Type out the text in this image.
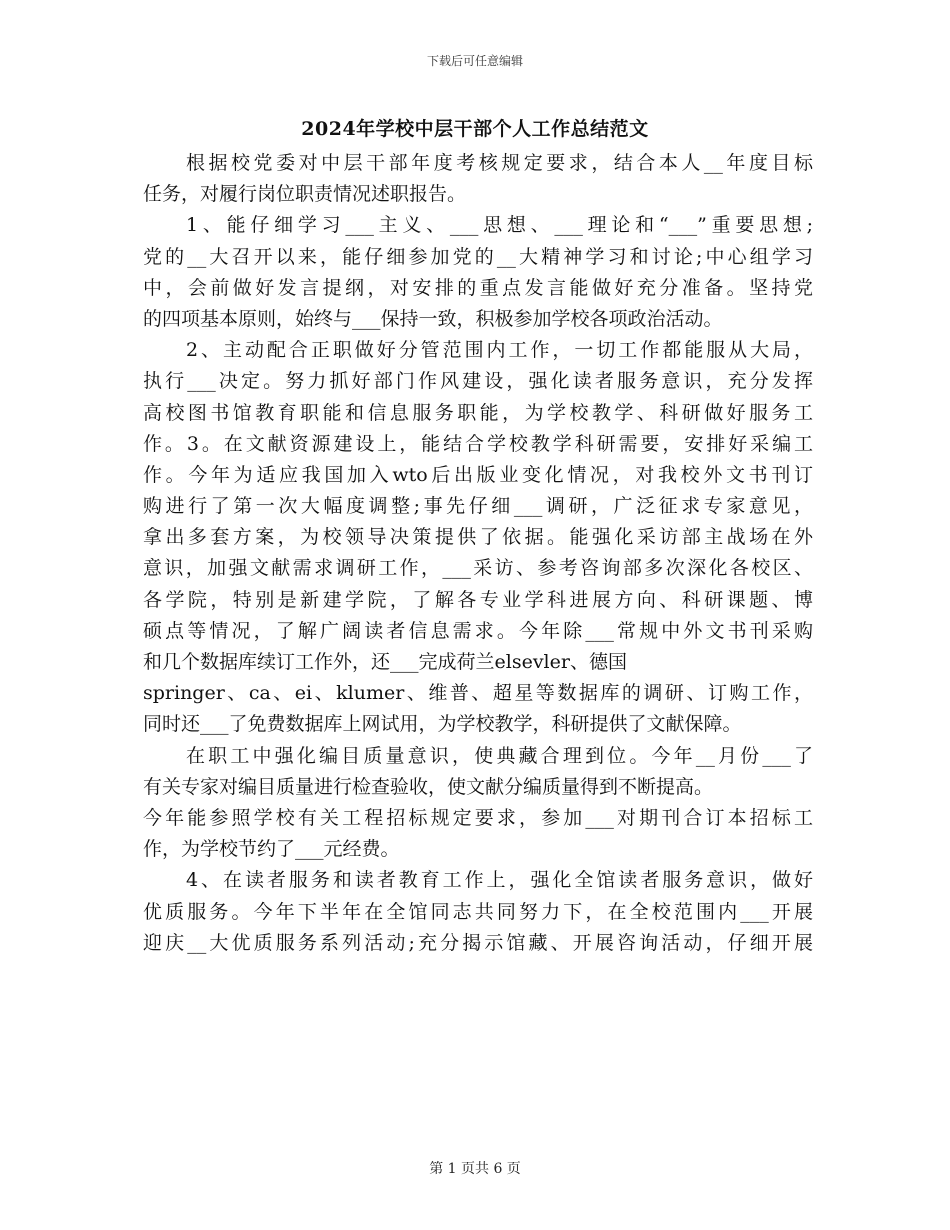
下载后可任意编辑
2024年学校中层干部个人工作总结范文
根据校党委对中层干部年度考核规定要求，结合本人__年度目标
任务，对履行岗位职责情况述职报告。
1、能仔细学习___主义、___思想、___理论和“___”重要思想;
党的__大召开以来，能仔细参加党的__大精神学习和讨论;中心组学习
中，会前做好发言提纲，对安排的重点发言能做好充分准备。坚持党
的四项基本原则，始终与___保持一致，积极参加学校各项政治活动。
2、主动配合正职做好分管范围内工作，一切工作都能服从大局，
执行___决定。努力抓好部门作风建设，强化读者服务意识，充分发挥
高校图书馆教育职能和信息服务职能，为学校教学、科研做好服务工
作。3。在文献资源建设上，能结合学校教学科研需要，安排好采编工
作。今年为适应我国加入wto后出版业变化情况，对我校外文书刊订
购进行了第一次大幅度调整;事先仔细___调研，广泛征求专家意见，
拿出多套方案，为校领导决策提供了依据。能强化采访部主战场在外
意识，加强文献需求调研工作，___采访、参考咨询部多次深化各校区、
各学院，特别是新建学院，了解各专业学科进展方向、科研课题、博
硕点等情况，了解广阔读者信息需求。今年除___常规中外文书刊采购
和几个数据库续订工作外，还___完成荷兰elsevler、德国
springer、ca、ei、klumer、维普、超星等数据库的调研、订购工作，
同时还___了免费数据库上网试用，为学校教学，科研提供了文献保障。
在职工中强化编目质量意识，使典藏合理到位。今年__月份___了
有关专家对编目质量进行检查验收，使文献分编质量得到不断提高。
今年能参照学校有关工程招标规定要求，参加___对期刊合订本招标工
作，为学校节约了___元经费。
4、在读者服务和读者教育工作上，强化全馆读者服务意识，做好
优质服务。今年下半年在全馆同志共同努力下，在全校范围内___开展
迎庆__大优质服务系列活动;充分揭示馆藏、开展咨询活动，仔细开展
第 1 页共 6 页
